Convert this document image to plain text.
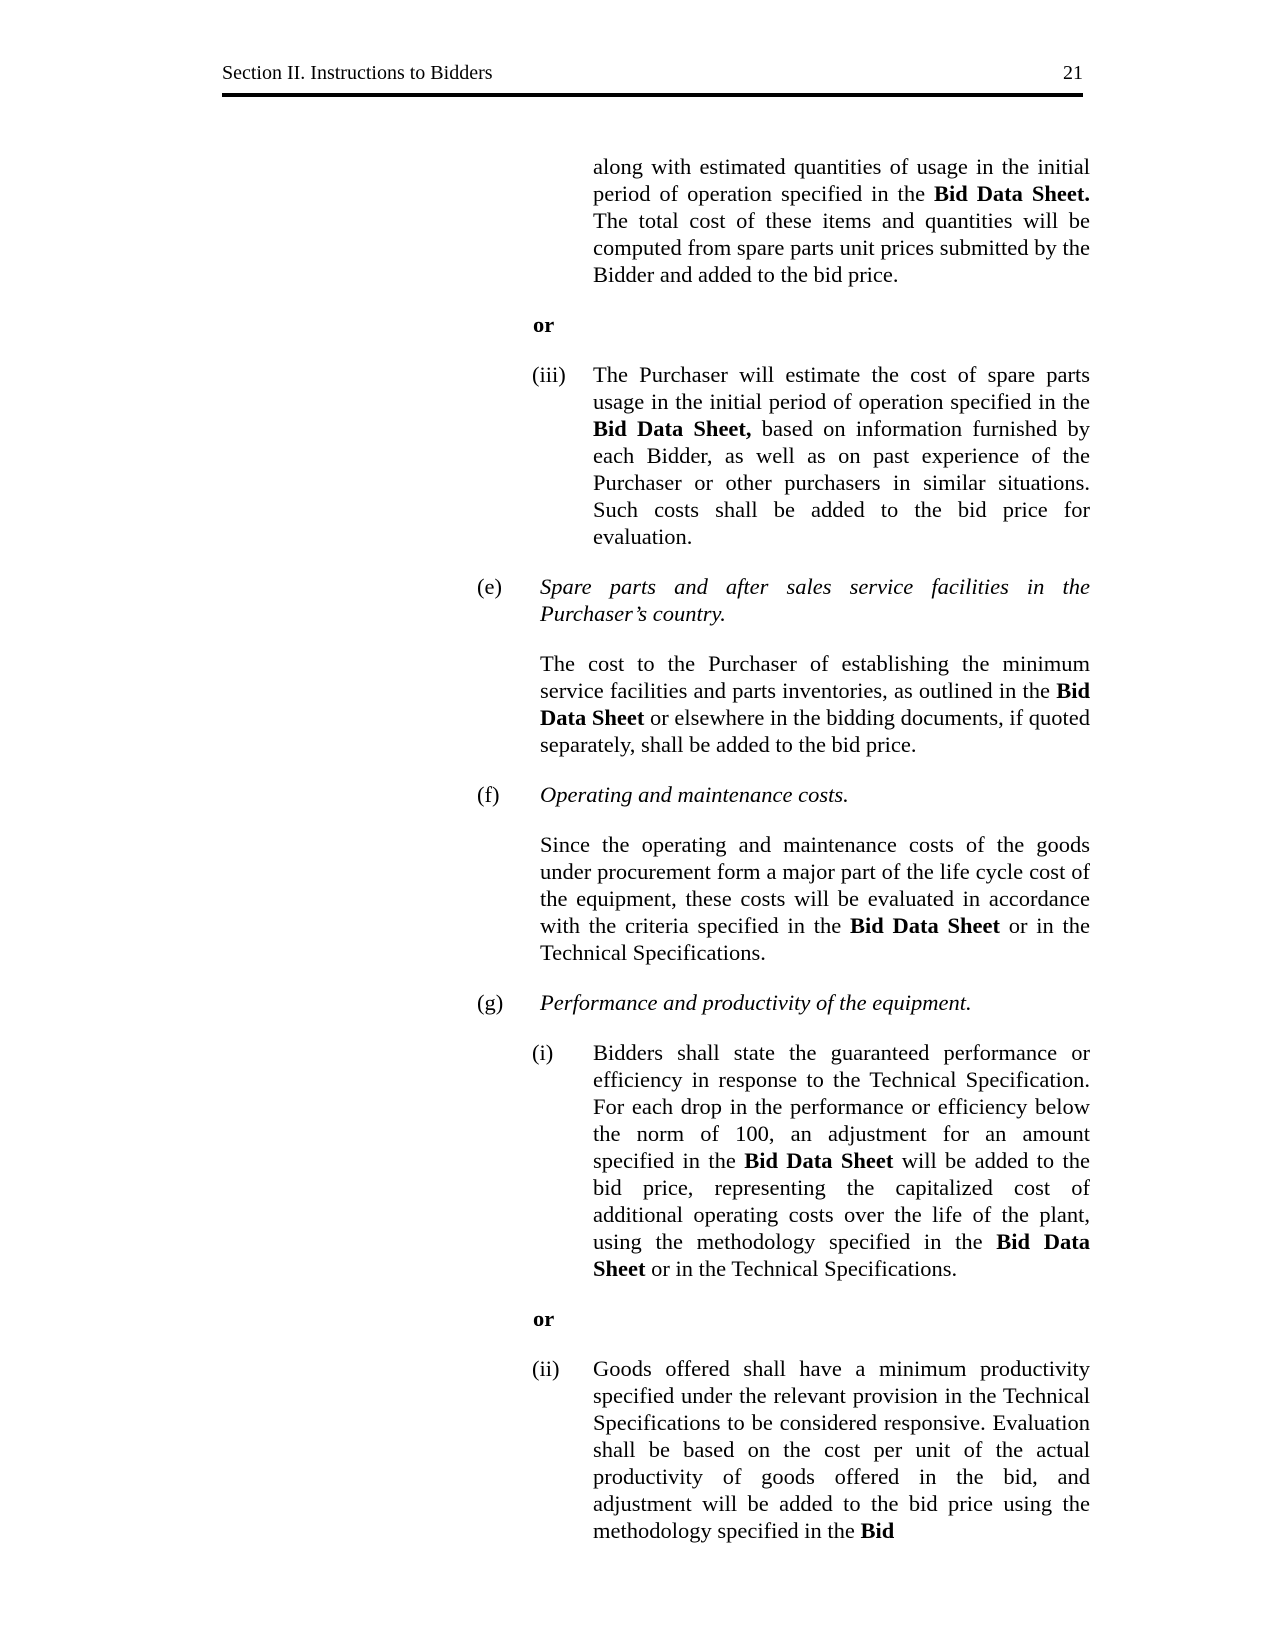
Section II. Instructions to Bidders	21

along with estimated quantities of usage in the initial period of operation specified in the Bid Data Sheet. The total cost of these items and quantities will be computed from spare parts unit prices submitted by the Bidder and added to the bid price.

or

(iii)	The Purchaser will estimate the cost of spare parts usage in the initial period of operation specified in the Bid Data Sheet, based on information furnished by each Bidder, as well as on past experience of the Purchaser or other purchasers in similar situations. Such costs shall be added to the bid price for evaluation.
(e)	Spare parts and after sales service facilities in the Purchaser’s country.

The cost to the Purchaser of establishing the minimum service facilities and parts inventories, as outlined in the Bid Data Sheet or elsewhere in the bidding documents, if quoted separately, shall be added to the bid price.

(f)	Operating and maintenance costs.

Since the operating and maintenance costs of the goods under procurement form a major part of the life cycle cost of the equipment, these costs will be evaluated in accordance with the criteria specified in the Bid Data Sheet or in the Technical Specifications.

(g)	Performance and productivity of the equipment.
(i)	Bidders shall state the guaranteed performance or efficiency in response to the Technical Specification. For each drop in the performance or efficiency below the norm of 100, an adjustment for an amount specified in the Bid Data Sheet will be added to the bid price, representing the capitalized cost of additional operating costs over the life of the plant, using the methodology specified in the Bid Data Sheet or in the Technical Specifications.

or

(ii)	Goods offered shall have a minimum productivity specified under the relevant provision in the Technical Specifications to be considered responsive. Evaluation shall be based on the cost per unit of the actual productivity of goods offered in the bid, and adjustment will be added to the bid price using the methodology specified in the Bid
